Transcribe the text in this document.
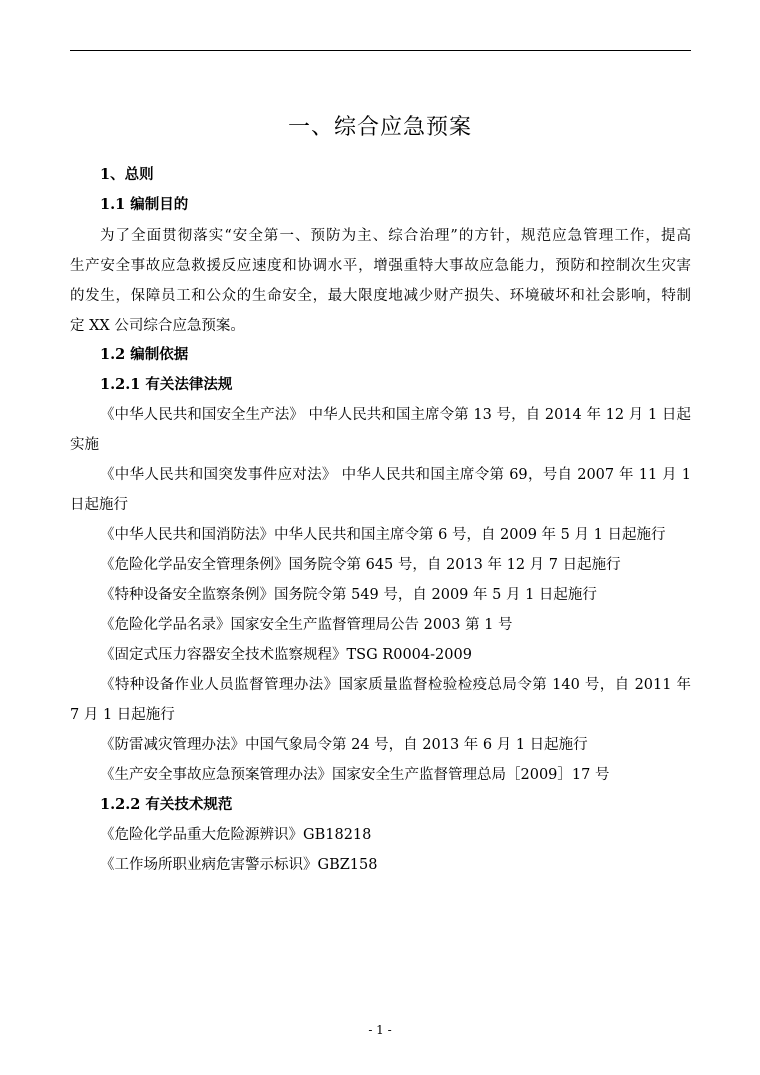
一、综合应急预案
1、总则
1.1 编制目的
为了全面贯彻落实“安全第一、预防为主、综合治理”的方针，规范应急管理工作，提高
生产安全事故应急救援反应速度和协调水平，增强重特大事故应急能力，预防和控制次生灾害
的发生，保障员工和公众的生命安全，最大限度地减少财产损失、环境破坏和社会影响，特制
定 XX 公司综合应急预案。
1.2 编制依据
1.2.1 有关法律法规
《中华人民共和国安全生产法》 中华人民共和国主席令第 13 号，自 2014 年 12 月 1 日起
实施
《中华人民共和国突发事件应对法》 中华人民共和国主席令第 69，号自 2007 年 11 月 1
日起施行
《中华人民共和国消防法》中华人民共和国主席令第 6 号，自 2009 年 5 月 1 日起施行
《危险化学品安全管理条例》国务院令第 645 号，自 2013 年 12 月 7 日起施行
《特种设备安全监察条例》国务院令第 549 号，自 2009 年 5 月 1 日起施行
《危险化学品名录》国家安全生产监督管理局公告 2003 第 1 号
《固定式压力容器安全技术监察规程》TSG R0004-2009
《特种设备作业人员监督管理办法》国家质量监督检验检疫总局令第 140 号，自 2011 年
7 月 1 日起施行
《防雷减灾管理办法》中国气象局令第 24 号，自 2013 年 6 月 1 日起施行
《生产安全事故应急预案管理办法》国家安全生产监督管理总局［2009］17 号
1.2.2 有关技术规范
《危险化学品重大危险源辨识》GB18218
《工作场所职业病危害警示标识》GBZ158
- 1 -
